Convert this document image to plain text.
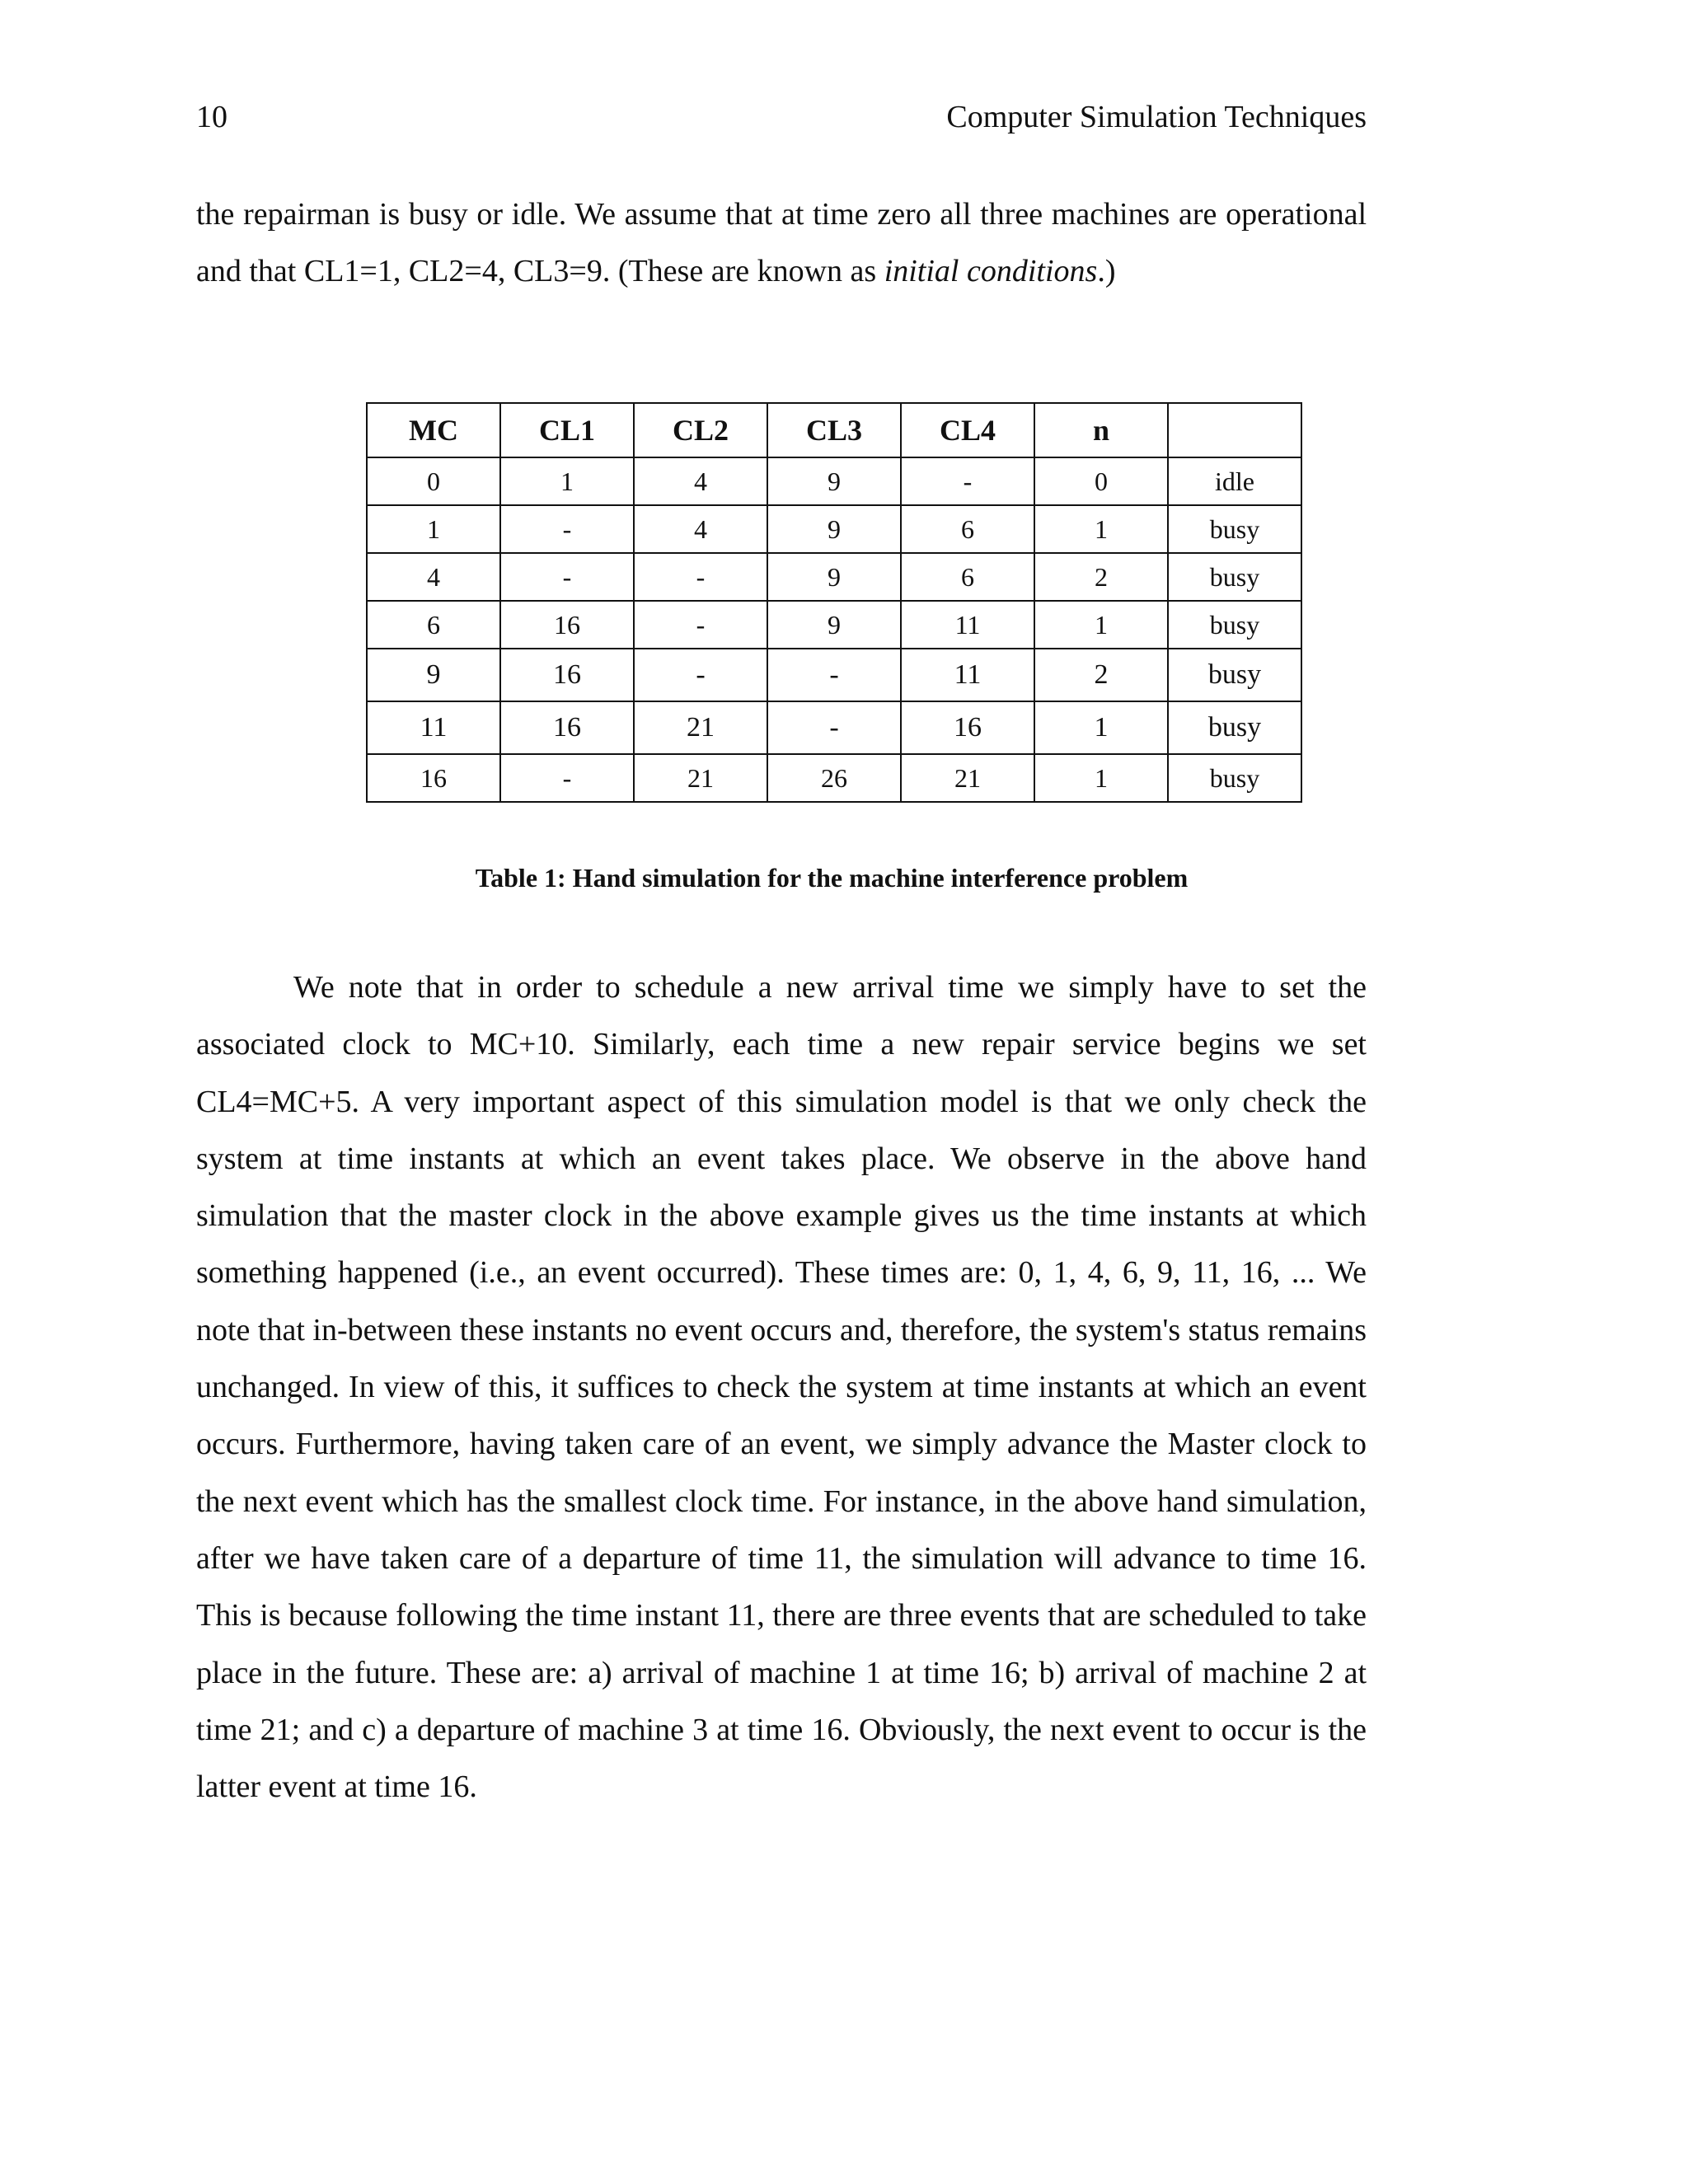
10	Computer Simulation Techniques

the repairman is busy or idle. We assume that at time zero all three machines are operational and that CL1=1, CL2=4, CL3=9. (These are known as initial conditions.)

MC	CL1	CL2	CL3	CL4	n	
0	1	4	9	-	0	idle
1	-	4	9	6	1	busy
4	-	-	9	6	2	busy
6	16	-	9	11	1	busy
9	16	-	-	11	2	busy
11	16	21	-	16	1	busy
16	-	21	26	21	1	busy
Table 1: Hand simulation for the machine interference problem

We note that in order to schedule a new arrival time we simply have to set the associated clock to MC+10. Similarly, each time a new repair service begins we set CL4=MC+5. A very important aspect of this simulation model is that we only check the system at time instants at which an event takes place. We observe in the above hand simulation that the master clock in the above example gives us the time instants at which something happened (i.e., an event occurred). These times are: 0, 1, 4, 6, 9, 11, 16, ... We note that in-between these instants no event occurs and, therefore, the system's status remains unchanged. In view of this, it suffices to check the system at time instants at which an event occurs. Furthermore, having taken care of an event, we simply advance the Master clock to the next event which has the smallest clock time. For instance, in the above hand simulation, after we have taken care of a departure of time 11, the simulation will advance to time 16. This is because following the time instant 11, there are three events that are scheduled to take place in the future. These are: a) arrival of machine 1 at time 16; b) arrival of machine 2 at time 21; and c) a departure of machine 3 at time 16. Obviously, the next event to occur is the latter event at time 16.
